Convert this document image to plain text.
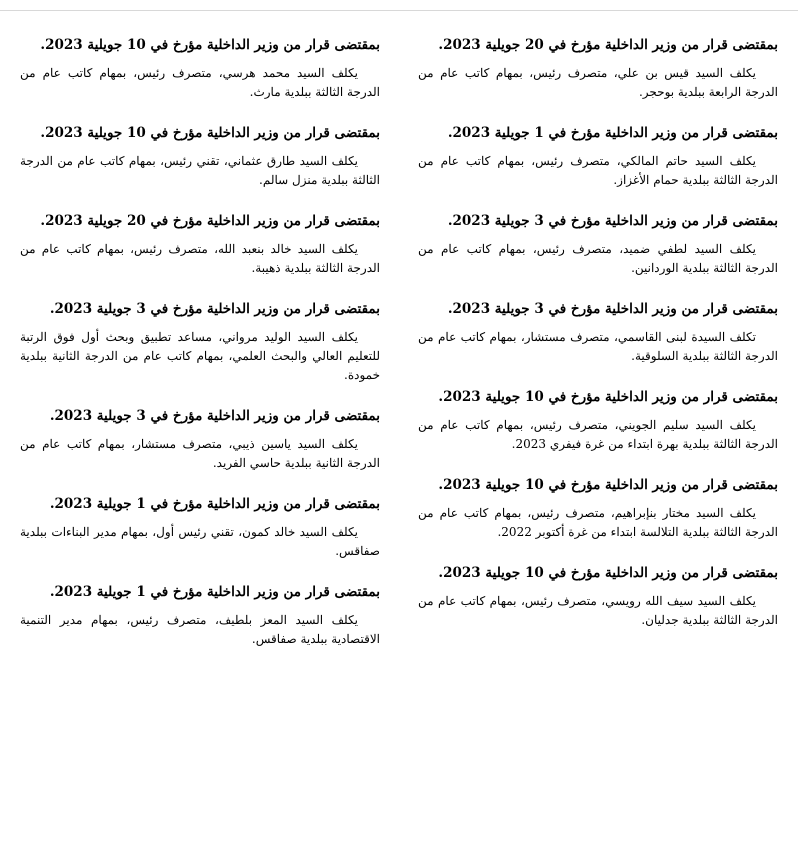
بمقتضى قرار من وزير الداخلية مؤرخ في 20 جويلية 2023.

يكلف السيد قيس بن علي، متصرف رئيس، بمهام كاتب عام من الدرجة الرابعة ببلدية بوحجر.

بمقتضى قرار من وزير الداخلية مؤرخ في 1 جويلية 2023.

يكلف السيد حاتم المالكي، متصرف رئيس، بمهام كاتب عام من الدرجة الثالثة ببلدية حمام الأغزاز.

بمقتضى قرار من وزير الداخلية مؤرخ في 3 جويلية 2023.

يكلف السيد لطفي ضميد، متصرف رئيس، بمهام كاتب عام من الدرجة الثالثة ببلدية الوردانين.

بمقتضى قرار من وزير الداخلية مؤرخ في 3 جويلية 2023.

تكلف السيدة لبنى القاسمي، متصرف مستشار، بمهام كاتب عام من الدرجة الثالثة ببلدية السلوقية.

بمقتضى قرار من وزير الداخلية مؤرخ في 10 جويلية 2023.

يكلف السيد سليم الجويني، متصرف رئيس، بمهام كاتب عام من الدرجة الثالثة ببلدية بهرة ابتداء من غرة فيفري 2023.

بمقتضى قرار من وزير الداخلية مؤرخ في 10 جويلية 2023.

يكلف السيد مختار بنإبراهيم، متصرف رئيس، بمهام كاتب عام من الدرجة الثالثة ببلدية التلالسة ابتداء من غرة أكتوبر 2022.

بمقتضى قرار من وزير الداخلية مؤرخ في 10 جويلية 2023.

يكلف السيد سيف الله رويسي، متصرف رئيس، بمهام كاتب عام من الدرجة الثالثة ببلدية جدليان.

بمقتضى قرار من وزير الداخلية مؤرخ في 10 جويلية 2023.

يكلف السيد محمد هرسي، متصرف رئيس، بمهام كاتب عام من الدرجة الثالثة ببلدية مارث.

بمقتضى قرار من وزير الداخلية مؤرخ في 10 جويلية 2023.

يكلف السيد طارق عثماني، تقني رئيس، بمهام كاتب عام من الدرجة الثالثة ببلدية منزل سالم.

بمقتضى قرار من وزير الداخلية مؤرخ في 20 جويلية 2023.

يكلف السيد خالد بنعبد الله، متصرف رئيس، بمهام كاتب عام من الدرجة الثالثة ببلدية ذهيبة.

بمقتضى قرار من وزير الداخلية مؤرخ في 3 جويلية 2023.

يكلف السيد الوليد مرواني، مساعد تطبيق وبحث أول فوق الرتبة للتعليم العالي والبحث العلمي، بمهام كاتب عام من الدرجة الثانية ببلدية خمودة.

بمقتضى قرار من وزير الداخلية مؤرخ في 3 جويلية 2023.

يكلف السيد ياسين ذيبي، متصرف مستشار، بمهام كاتب عام من الدرجة الثانية ببلدية حاسي الفريد.

بمقتضى قرار من وزير الداخلية مؤرخ في 1 جويلية 2023.

يكلف السيد خالد كمون، تقني رئيس أول، بمهام مدير البناءات ببلدية صفاقس.

بمقتضى قرار من وزير الداخلية مؤرخ في 1 جويلية 2023.

يكلف السيد المعز بلطيف، متصرف رئيس، بمهام مدير التنمية الاقتصادية ببلدية صفاقس.
